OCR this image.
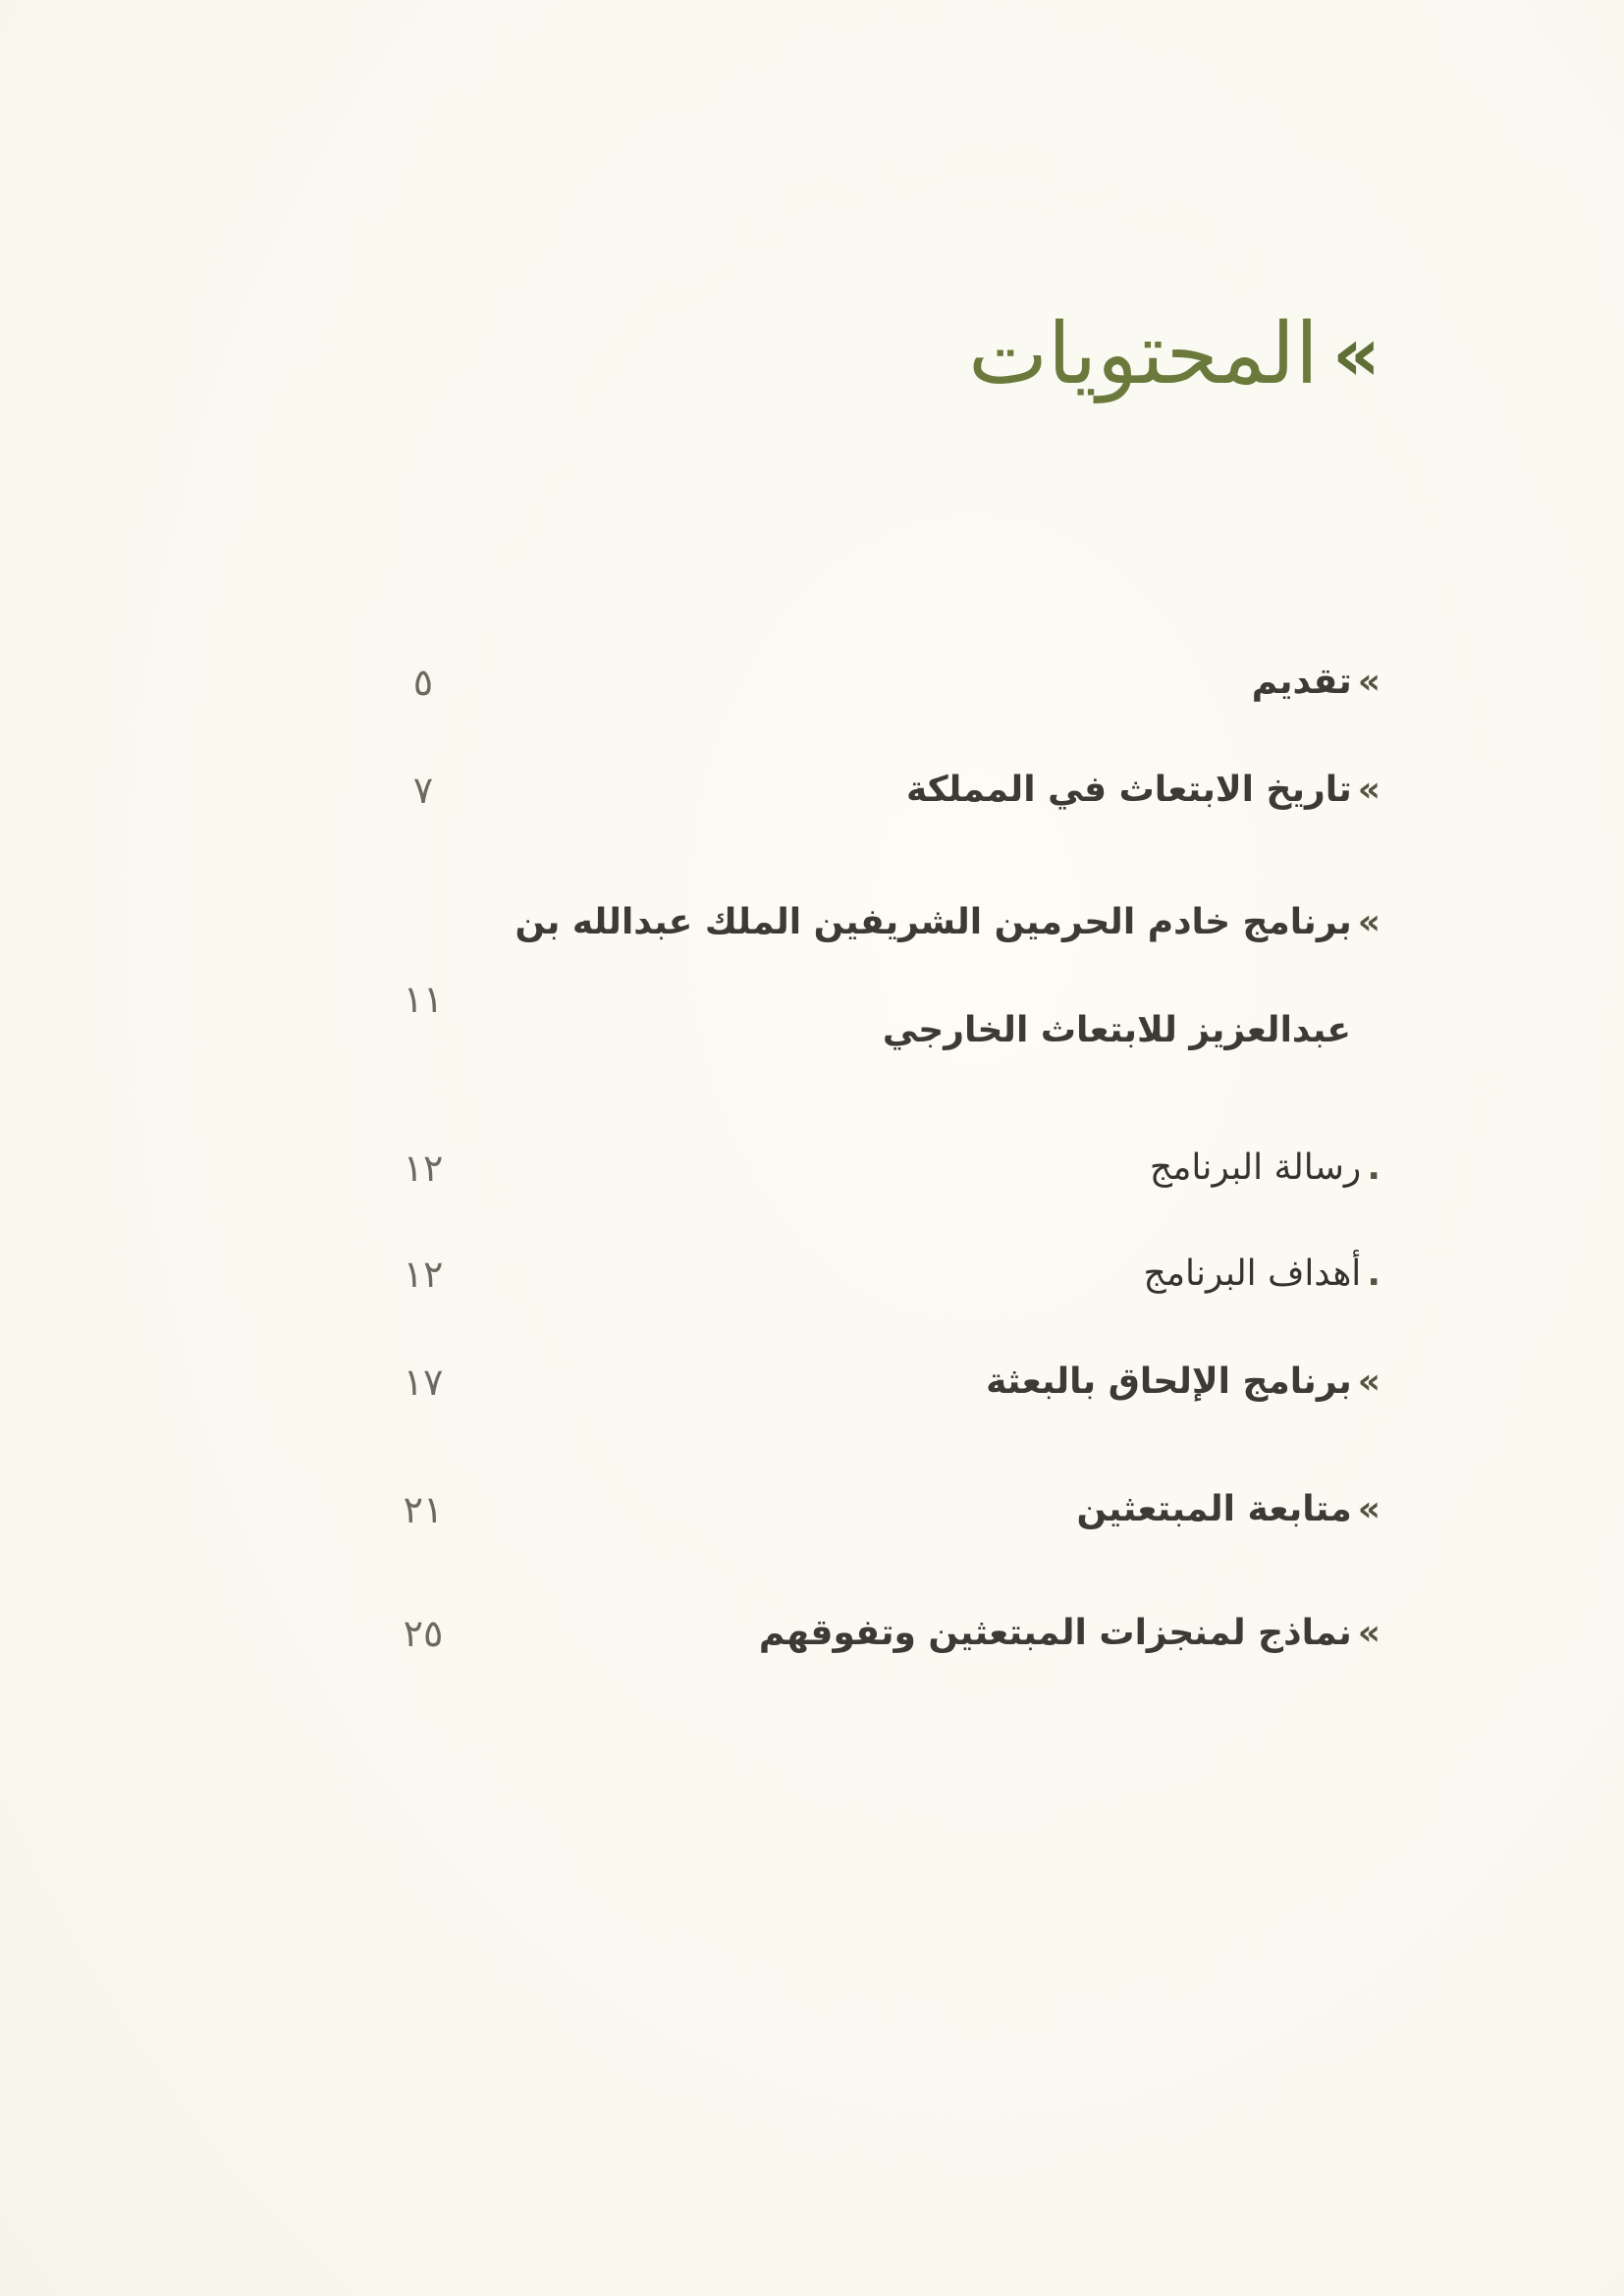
»
المحتويات
»تقديم
٥
»تاريخ الابتعاث في المملكة
٧
»برنامج خادم الحرمين الشريفين الملك عبدالله بن
عبدالعزيز للابتعاث الخارجي
١١
.رسالة البرنامج
١٢
.أهداف البرنامج
١٢
»برنامج الإلحاق بالبعثة
١٧
»متابعة المبتعثين
٢١
»نماذج لمنجزات المبتعثين وتفوقهم
٢٥
